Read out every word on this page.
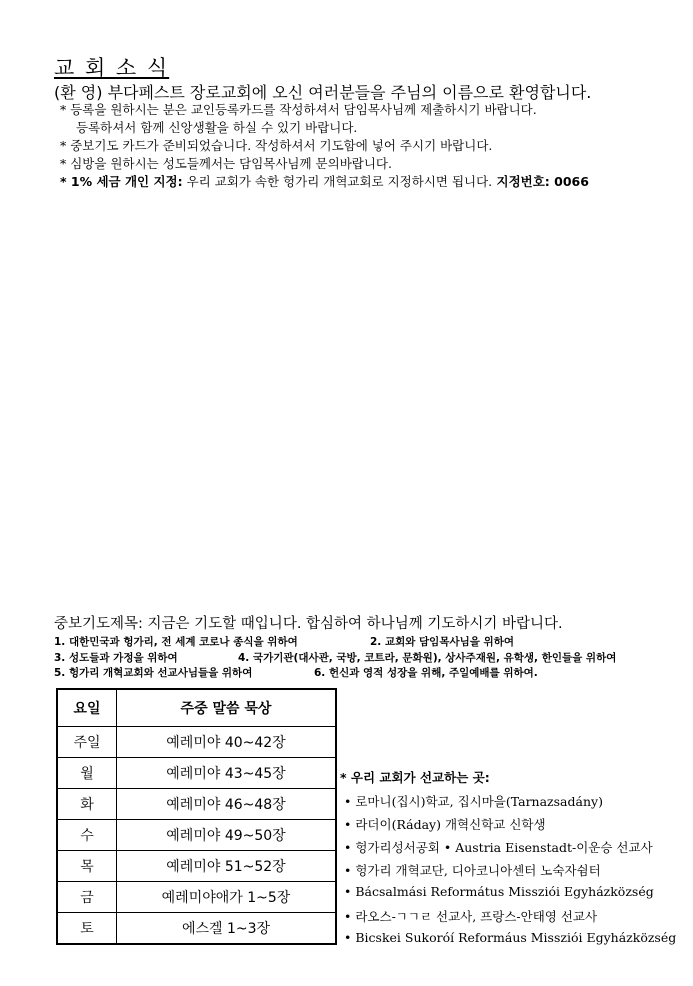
교 회 소 식
(환 영) 부다페스트 장로교회에 오신 여러분들을 주님의 이름으로 환영합니다.
* 등록을 원하시는 분은 교인등록카드를 작성하셔서 담임목사님께 제출하시기 바랍니다.
등록하셔서 함께 신앙생활을 하실 수 있기 바랍니다.
* 중보기도 카드가 준비되었습니다. 작성하셔서 기도함에 넣어 주시기 바랍니다.
* 심방을 원하시는 성도들께서는 담임목사님께 문의바랍니다.
* 1% 세금 개인 지정: 우리 교회가 속한 헝가리 개혁교회로 지정하시면 됩니다. 지정번호: 0066
중보기도제목: 지금은 기도할 때입니다. 합심하여 하나님께 기도하시기 바랍니다.
1. 대한민국과 헝가리, 전 세계 코로나 종식을 위하여	2. 교회와 담임목사님을 위하여
3. 성도들과 가정을 위하여	4. 국가기관(대사관, 국방, 코트라, 문화원), 상사주재원, 유학생, 한인들을 위하여
5. 헝가리 개혁교회와 선교사님들을 위하여	6. 헌신과 영적 성장을 위해, 주일예배를 위하여.
요일	주중 말씀 묵상
주일	예레미야 40~42장
월	예레미야 43~45장
화	예레미야 46~48장
수	예레미야 49~50장
목	예레미야 51~52장
금	예레미야애가 1~5장
토	에스겔 1~3장
* 우리 교회가 선교하는 곳:
• 로마니(집시)학교, 집시마을(Tarnazsadány)
• 라더이(Ráday) 개혁신학교 신학생
• 헝가리성서공회 • Austria Eisenstadt-이운승 선교사
• 헝가리 개혁교단, 디아코니아센터 노숙자쉼터
• Bácsalmási Református Missziói Egyházközség
• 라오스-ㄱㄱㄹ 선교사, 프랑스-안태영 선교사
• Bicskei Sukoróí Reformáus Missziói Egyházközség
